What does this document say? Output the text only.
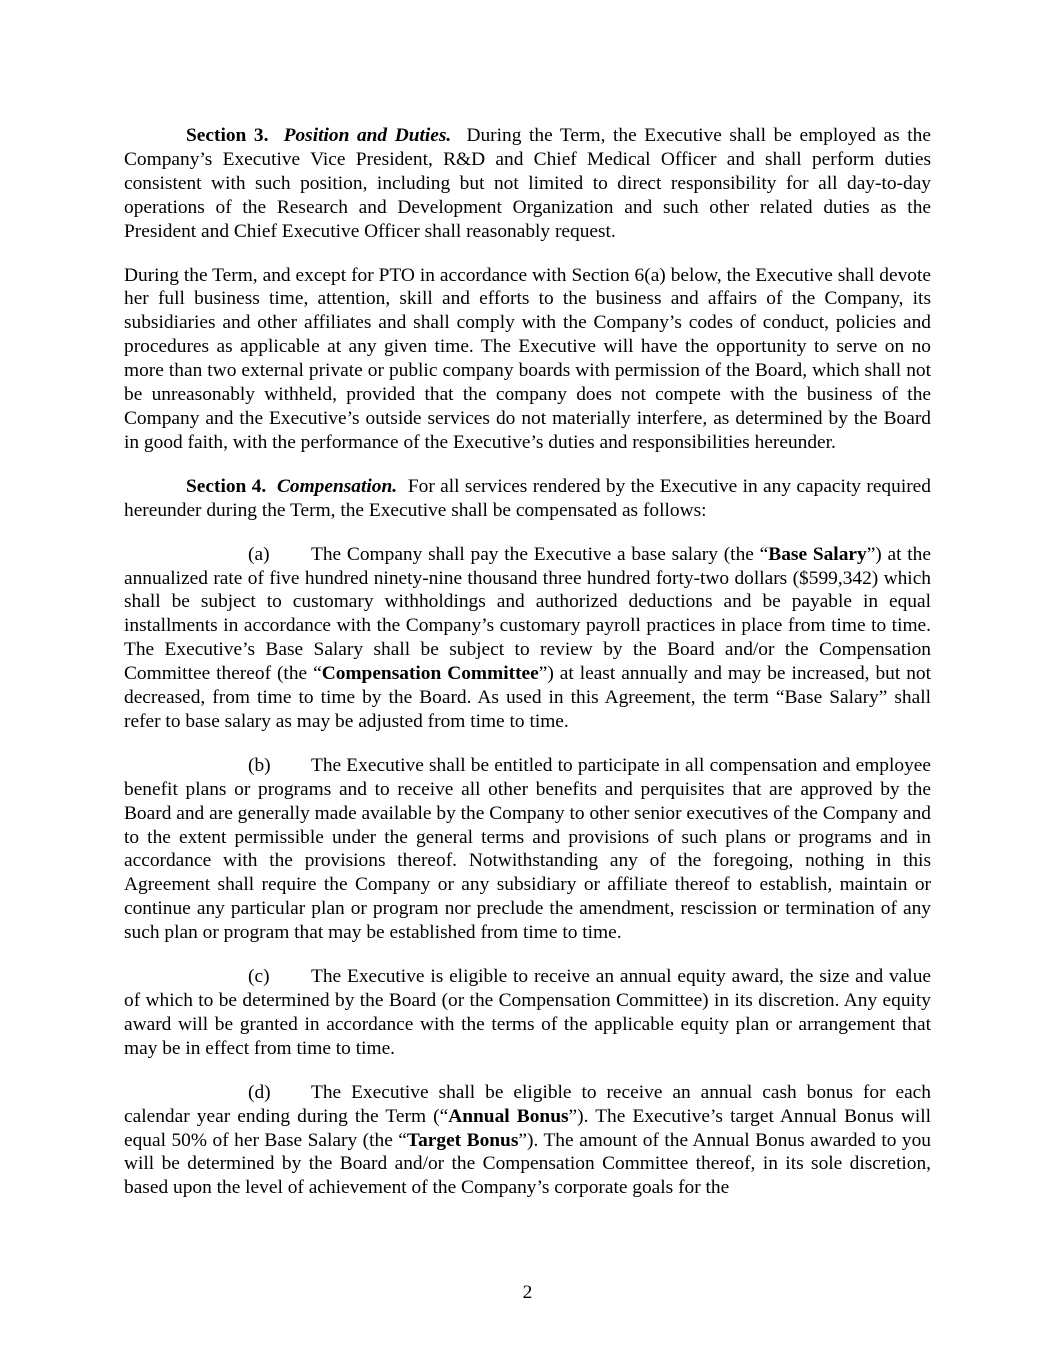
Section 3. Position and Duties. During the Term, the Executive shall be employed as the Company’s Executive Vice President, R&D and Chief Medical Officer and shall perform duties consistent with such position, including but not limited to direct responsibility for all day-to-day operations of the Research and Development Organization and such other related duties as the President and Chief Executive Officer shall reasonably request.

During the Term, and except for PTO in accordance with Section 6(a) below, the Executive shall devote her full business time, attention, skill and efforts to the business and affairs of the Company, its subsidiaries and other affiliates and shall comply with the Company’s codes of conduct, policies and procedures as applicable at any given time. The Executive will have the opportunity to serve on no more than two external private or public company boards with permission of the Board, which shall not be unreasonably withheld, provided that the company does not compete with the business of the Company and the Executive’s outside services do not materially interfere, as determined by the Board in good faith, with the performance of the Executive’s duties and responsibilities hereunder.

Section 4. Compensation. For all services rendered by the Executive in any capacity required hereunder during the Term, the Executive shall be compensated as follows:

(a) The Company shall pay the Executive a base salary (the “Base Salary”) at the annualized rate of five hundred ninety-nine thousand three hundred forty-two dollars ($599,342) which shall be subject to customary withholdings and authorized deductions and be payable in equal installments in accordance with the Company’s customary payroll practices in place from time to time. The Executive’s Base Salary shall be subject to review by the Board and/or the Compensation Committee thereof (the “Compensation Committee”) at least annually and may be increased, but not decreased, from time to time by the Board. As used in this Agreement, the term “Base Salary” shall refer to base salary as may be adjusted from time to time.

(b) The Executive shall be entitled to participate in all compensation and employee benefit plans or programs and to receive all other benefits and perquisites that are approved by the Board and are generally made available by the Company to other senior executives of the Company and to the extent permissible under the general terms and provisions of such plans or programs and in accordance with the provisions thereof. Notwithstanding any of the foregoing, nothing in this Agreement shall require the Company or any subsidiary or affiliate thereof to establish, maintain or continue any particular plan or program nor preclude the amendment, rescission or termination of any such plan or program that may be established from time to time.

(c) The Executive is eligible to receive an annual equity award, the size and value of which to be determined by the Board (or the Compensation Committee) in its discretion. Any equity award will be granted in accordance with the terms of the applicable equity plan or arrangement that may be in effect from time to time.

(d) The Executive shall be eligible to receive an annual cash bonus for each calendar year ending during the Term (“Annual Bonus”). The Executive’s target Annual Bonus will equal 50% of her Base Salary (the “Target Bonus”). The amount of the Annual Bonus awarded to you will be determined by the Board and/or the Compensation Committee thereof, in its sole discretion, based upon the level of achievement of the Company’s corporate goals for the

2
